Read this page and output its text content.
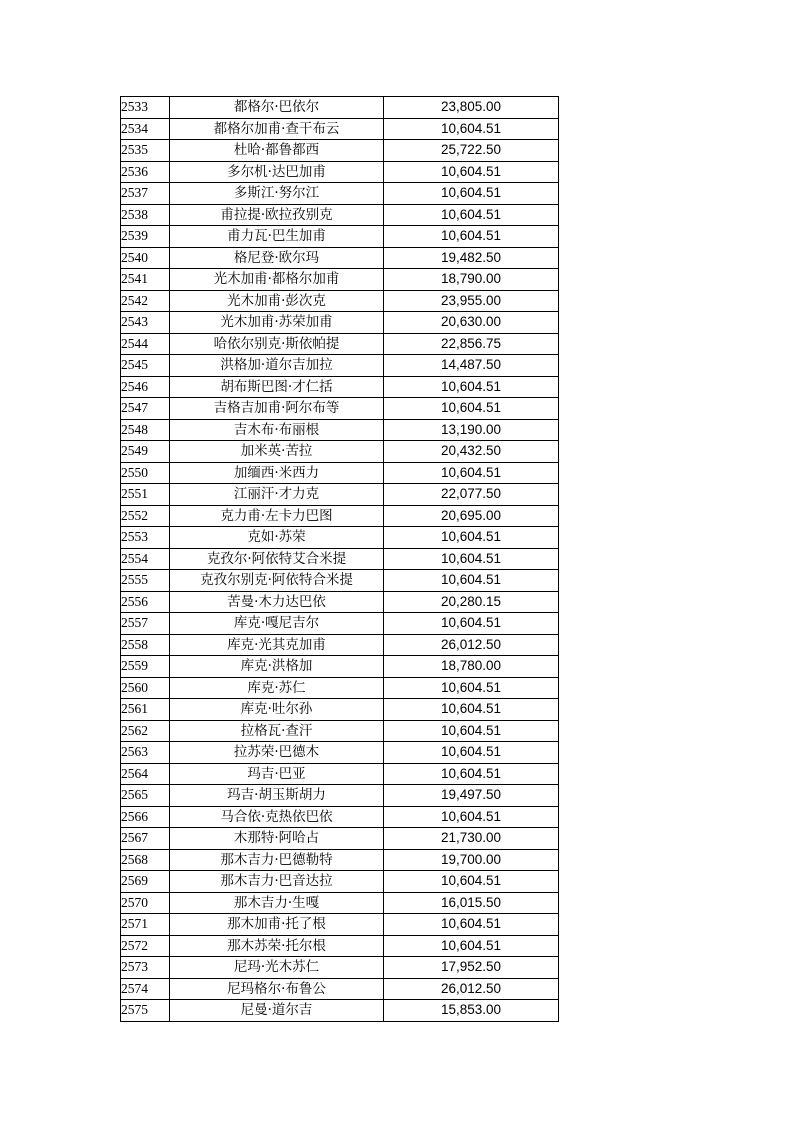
2533	都格尔·巴依尔	23,805.00
2534	都格尔加甫·查干布云	10,604.51
2535	杜哈·都鲁都西	25,722.50
2536	多尔机·达巴加甫	10,604.51
2537	多斯江·努尔江	10,604.51
2538	甫拉提·欧拉孜别克	10,604.51
2539	甫力瓦·巴生加甫	10,604.51
2540	格尼登·欧尔玛	19,482.50
2541	光木加甫·都格尔加甫	18,790.00
2542	光木加甫·彭次克	23,955.00
2543	光木加甫·苏荣加甫	20,630.00
2544	哈依尔别克·斯依帕提	22,856.75
2545	洪格加·道尔吉加拉	14,487.50
2546	胡布斯巴图·才仁括	10,604.51
2547	吉格吉加甫·阿尔布等	10,604.51
2548	吉木布·布丽根	13,190.00
2549	加米英·苦拉	20,432.50
2550	加缅西·米西力	10,604.51
2551	江丽汗·才力克	22,077.50
2552	克力甫·左卡力巴图	20,695.00
2553	克如·苏荣	10,604.51
2554	克孜尔·阿依特艾合米提	10,604.51
2555	克孜尔别克·阿依特合米提	10,604.51
2556	苦曼·木力达巴依	20,280.15
2557	库克·嘎尼吉尔	10,604.51
2558	库克·光其克加甫	26,012.50
2559	库克·洪格加	18,780.00
2560	库克·苏仁	10,604.51
2561	库克·吐尔孙	10,604.51
2562	拉格瓦·查汗	10,604.51
2563	拉苏荣·巴德木	10,604.51
2564	玛吉·巴亚	10,604.51
2565	玛吉·胡玉斯胡力	19,497.50
2566	马合依·克热依巴依	10,604.51
2567	木那特·阿哈占	21,730.00
2568	那木吉力·巴德勒特	19,700.00
2569	那木吉力·巴音达拉	10,604.51
2570	那木吉力·生嘎	16,015.50
2571	那木加甫·托了根	10,604.51
2572	那木苏荣·托尔根	10,604.51
2573	尼玛·光木苏仁	17,952.50
2574	尼玛格尔·布鲁公	26,012.50
2575	尼曼·道尔吉	15,853.00
